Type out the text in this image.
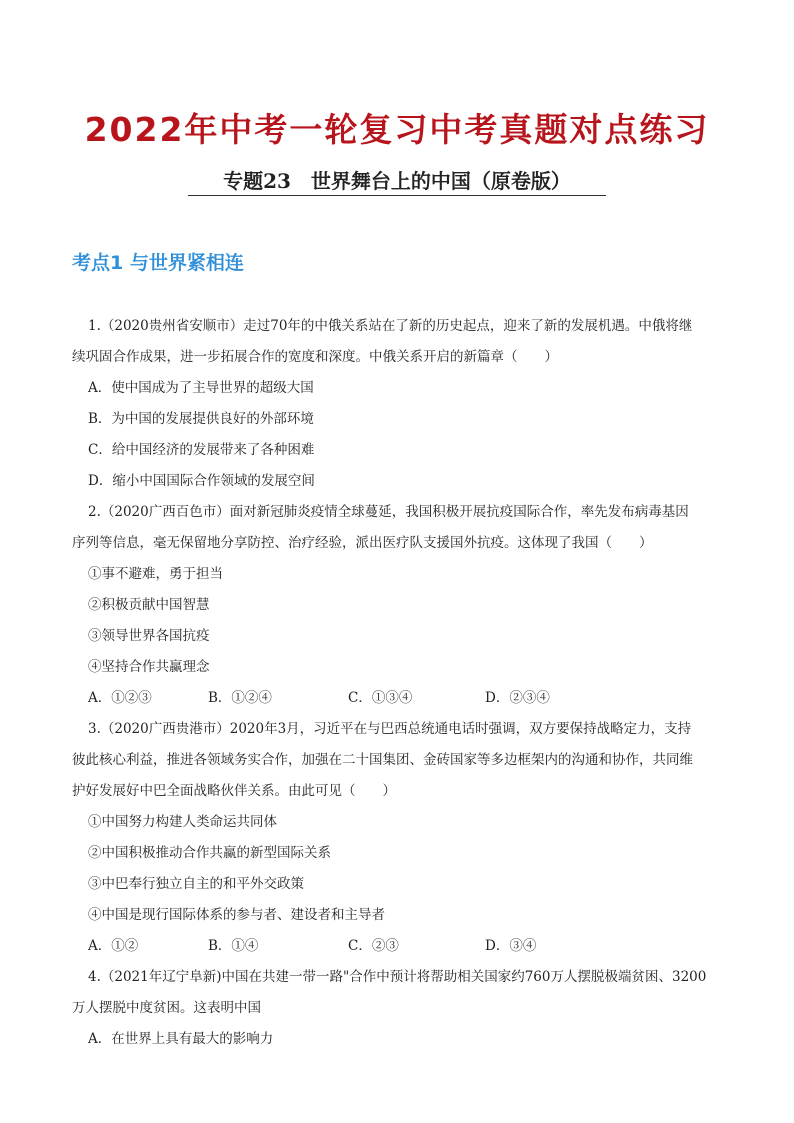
2022年中考一轮复习中考真题对点练习
专题23　世界舞台上的中国（原卷版）
考点1 与世界紧相连
1.（2020贵州省安顺市）走过70年的中俄关系站在了新的历史起点，迎来了新的发展机遇。中俄将继
续巩固合作成果，进一步拓展合作的宽度和深度。中俄关系开启的新篇章（　　）
A．使中国成为了主导世界的超级大国
B．为中国的发展提供良好的外部环境
C．给中国经济的发展带来了各种困难
D．缩小中国国际合作领域的发展空间
2.（2020广西百色市）面对新冠肺炎疫情全球蔓延，我国积极开展抗疫国际合作，率先发布病毒基因
序列等信息，毫无保留地分享防控、治疗经验，派出医疗队支援国外抗疫。这体现了我国（　　）
①事不避难，勇于担当
②积极贡献中国智慧
③领导世界各国抗疫
④坚持合作共赢理念
A．①②③	B．①②④	C．①③④	D．②③④
3.（2020广西贵港市）2020年3月，习近平在与巴西总统通电话时强调，双方要保持战略定力，支持
彼此核心利益，推进各领域务实合作，加强在二十国集团、金砖国家等多边框架内的沟通和协作，共同维
护好发展好中巴全面战略伙伴关系。由此可见（　　）
①中国努力构建人类命运共同体
②中国积极推动合作共赢的新型国际关系
③中巴奉行独立自主的和平外交政策
④中国是现行国际体系的参与者、建设者和主导者
A．①②	B．①④	C．②③	D．③④
4.（2021年辽宁阜新)中国在共建一带一路"合作中预计将帮助相关国家约760万人摆脱极端贫困、3200
万人摆脱中度贫困。这表明中国
A．在世界上具有最大的影响力
